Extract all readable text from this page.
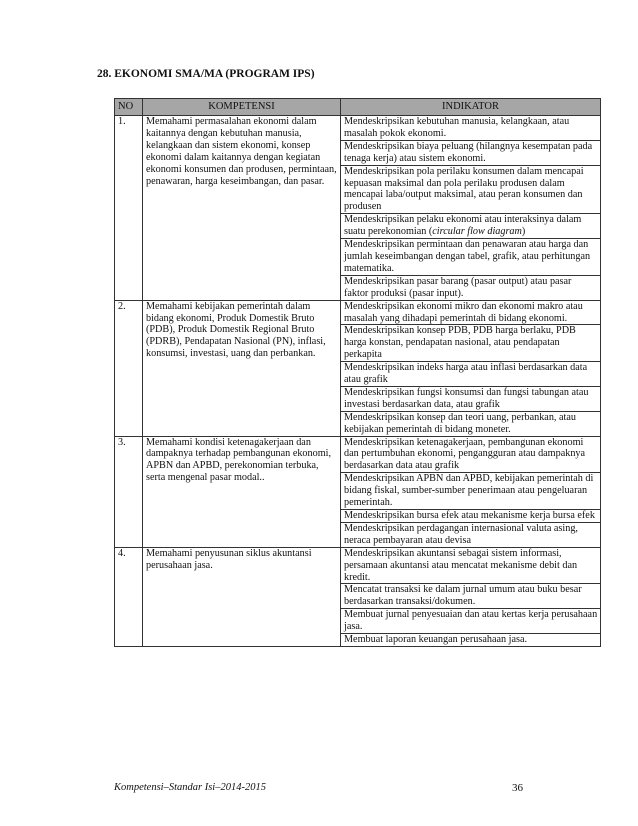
28. EKONOMI SMA/MA (PROGRAM IPS)
NO	KOMPETENSI	INDIKATOR
1.	Memahami permasalahan ekonomi dalam kaitannya dengan kebutuhan manusia, kelangkaan dan sistem ekonomi, konsep ekonomi dalam kaitannya dengan kegiatan ekonomi konsumen dan produsen, permintaan, penawaran, harga keseimbangan, dan pasar.	Mendeskripsikan kebutuhan manusia, kelangkaan, atau masalah pokok ekonomi.
		Mendeskripsikan biaya peluang (hilangnya kesempatan pada tenaga kerja) atau sistem ekonomi.
		Mendeskripsikan pola perilaku konsumen dalam mencapai kepuasan maksimal dan pola perilaku produsen dalam mencapai laba/output maksimal, atau peran konsumen dan produsen
		Mendeskripsikan pelaku ekonomi atau interaksinya dalam suatu perekonomian (circular flow diagram)
		Mendeskripsikan permintaan dan penawaran atau harga dan jumlah keseimbangan dengan tabel, grafik, atau perhitungan matematika.
		Mendeskripsikan pasar barang (pasar output) atau pasar faktor produksi (pasar input).
2.	Memahami kebijakan pemerintah dalam bidang ekonomi, Produk Domestik Bruto (PDB), Produk Domestik Regional Bruto (PDRB), Pendapatan Nasional (PN), inflasi, konsumsi, investasi, uang dan perbankan.	Mendeskripsikan ekonomi mikro dan ekonomi makro atau masalah yang dihadapi pemerintah di bidang ekonomi.
		Mendeskripsikan konsep PDB, PDB harga berlaku, PDB harga konstan, pendapatan nasional, atau pendapatan perkapita
		Mendeskripsikan indeks harga atau inflasi berdasarkan data atau grafik
		Mendeskripsikan fungsi konsumsi dan fungsi tabungan atau investasi berdasarkan data, atau grafik
		Mendeskripsikan konsep dan teori uang, perbankan, atau kebijakan pemerintah di bidang moneter.
3.	Memahami kondisi ketenagakerjaan dan dampaknya terhadap pembangunan ekonomi, APBN dan APBD, perekonomian terbuka, serta mengenal pasar modal..	Mendeskripsikan ketenagakerjaan, pembangunan ekonomi dan pertumbuhan ekonomi, pengangguran atau dampaknya berdasarkan data atau grafik
		Mendeskripsikan APBN dan APBD, kebijakan pemerintah di bidang fiskal, sumber-sumber penerimaan atau pengeluaran pemerintah.
		Mendeskripsikan bursa efek atau mekanisme kerja bursa efek
		Mendeskripsikan perdagangan internasional valuta asing, neraca pembayaran atau devisa
4.	Memahami penyusunan siklus akuntansi perusahaan jasa.	Mendeskripsikan akuntansi sebagai sistem informasi, persamaan akuntansi atau mencatat mekanisme debit dan kredit.
		Mencatat transaksi ke dalam jurnal umum atau buku besar berdasarkan transaksi/dokumen.
		Membuat jurnal penyesuaian dan atau kertas kerja perusahaan jasa.
		Membuat laporan keuangan perusahaan jasa.
Kompetensi–Standar Isi–2014-2015	36
